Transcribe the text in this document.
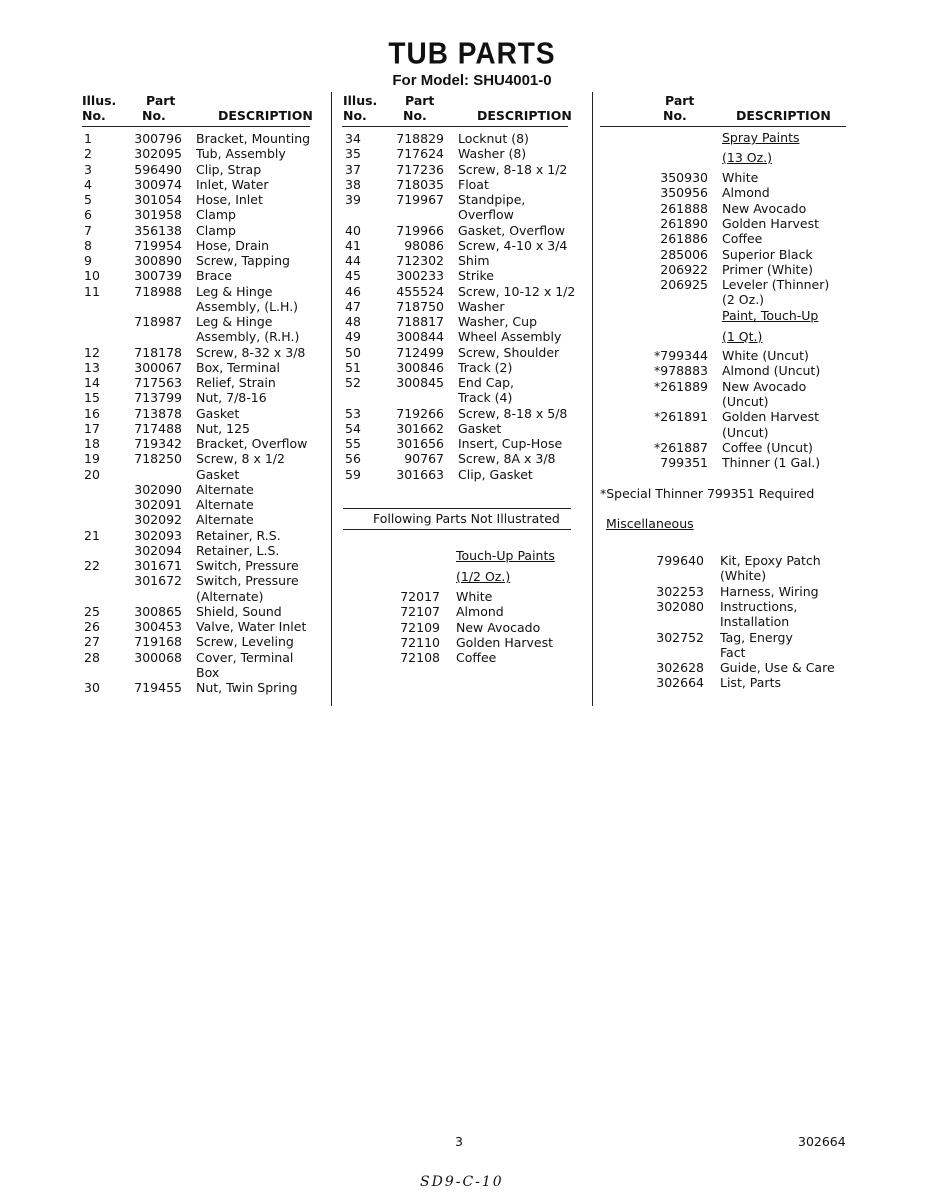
TUB PARTS
For Model: SHU4001-0
Illus.
No.
Part
No.	DESCRIPTION
Illus.
No.
Part
No.	DESCRIPTION
Part
No.	DESCRIPTION
1	300796 Bracket, Mounting
2	302095 Tub, Assembly
3	596490 Clip, Strap
4	300974 Inlet, Water
5	301054 Hose, Inlet
6	301958 Clamp
7	356138 Clamp
8	719954 Hose, Drain
9	300890 Screw, Tapping
10	300739 Brace
11	718988 Leg & Hinge
Assembly, (L.H.)
718987 Leg & Hinge
Assembly, (R.H.)
12	718178 Screw, 8-32 x 3/8
13	300067 Box, Terminal
14	717563 Relief, Strain
15	713799 Nut, 7/8-16
16	713878 Gasket
17	717488 Nut, 125
18	719342 Bracket, Overflow
19	718250 Screw, 8 x 1/2
20	Gasket
302090 Alternate
302091 Alternate
302092 Alternate
21	302093 Retainer, R.S.
302094 Retainer, L.S.
22	301671 Switch, Pressure
301672 Switch, Pressure
(Alternate)
25	300865 Shield, Sound
26	300453 Valve, Water Inlet
27	719168 Screw, Leveling
28	300068 Cover, Terminal
Box
30	719455 Nut, Twin Spring
34	718829 Locknut (8)
35	717624 Washer (8)
37	717236 Screw, 8-18 x 1/2
38	718035 Float
39	719967 Standpipe,
Overflow
40	719966 Gasket, Overflow
41	98086 Screw, 4-10 x 3/4
44	712302 Shim
45	300233 Strike
46	455524 Screw, 10-12 x 1/2
47	718750 Washer
48	718817 Washer, Cup
49	300844 Wheel Assembly
50	712499 Screw, Shoulder
51	300846 Track (2)
52	300845 End Cap,
Track (4)
53	719266 Screw, 8-18 x 5/8
54	301662 Gasket
55	301656 Insert, Cup-Hose
56	90767 Screw, 8A x 3/8
59	301663 Clip, Gasket
Following Parts Not Illustrated
Touch-Up Paints
(1/2 Oz.)
72017 White
72107 Almond
72109 New Avocado
72110 Golden Harvest
72108 Coffee
Spray Paints
(13 Oz.)
350930 White
350956 Almond
261888 New Avocado
261890 Golden Harvest
261886 Coffee
285006 Superior Black
206922 Primer (White)
206925 Leveler (Thinner)
(2 Oz.)
Paint, Touch-Up
(1 Qt.)
*799344 White (Uncut)
*978883 Almond (Uncut)
*261889 New Avocado
(Uncut)
*261891 Golden Harvest
(Uncut)
*261887 Coffee (Uncut)
799351 Thinner (1 Gal.)
*Special Thinner 799351 Required
Miscellaneous
799640 Kit, Epoxy Patch
(White)
302253 Harness, Wiring
302080 Instructions,
Installation
302752 Tag, Energy
Fact
302628 Guide, Use & Care
302664 List, Parts
3	302664
SD9-C-10
